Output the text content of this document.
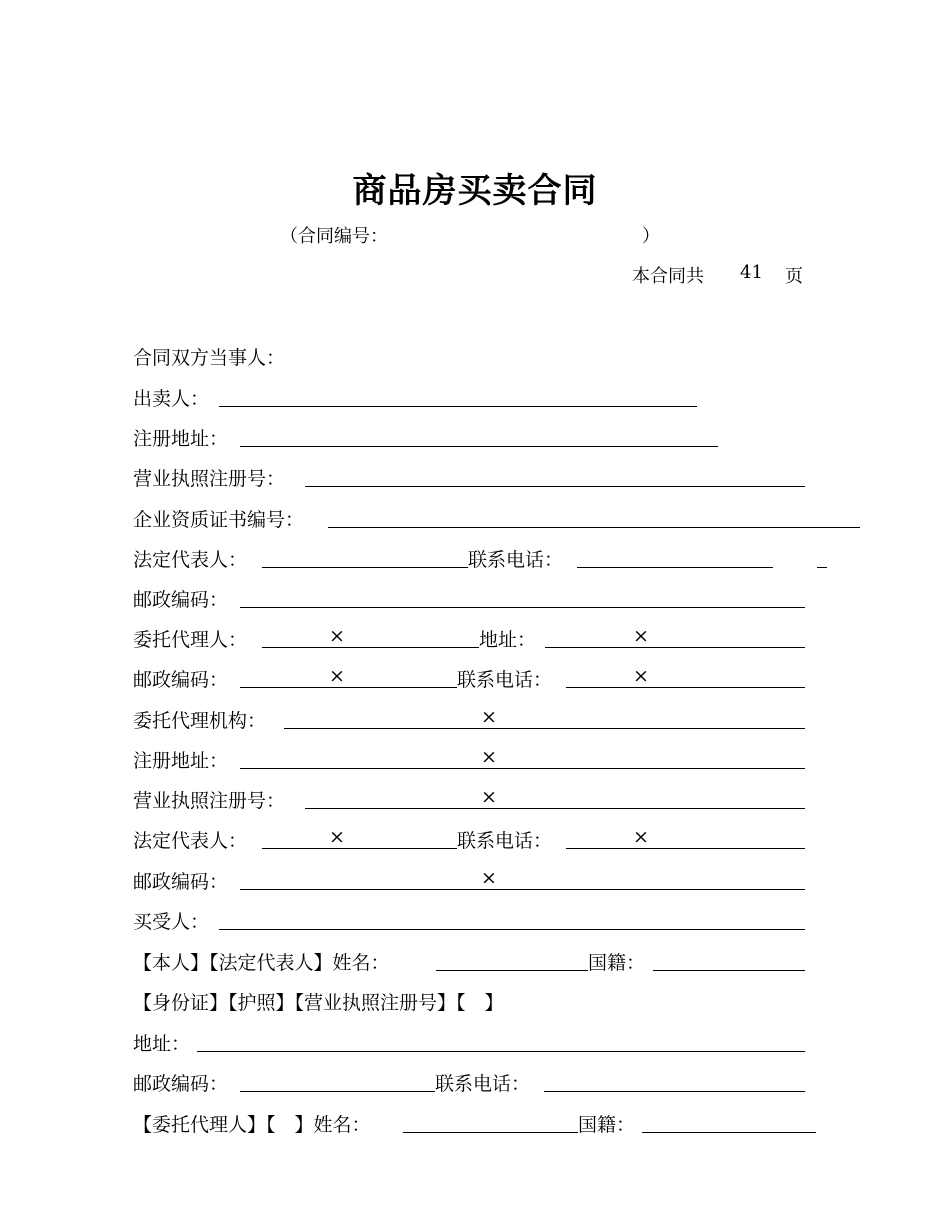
商品房买卖合同
（合同编号：	）
本合同共 41 页
合同双方当事人：
出卖人：
注册地址：
营业执照注册号：
企业资质证书编号：
法定代表人：	联系电话：
邮政编码：
委托代理人：	×	地址：	×
邮政编码：	×	联系电话：	×
委托代理机构：	×
注册地址：	×
营业执照注册号：	×
法定代表人：	×	联系电话：	×
邮政编码：	×
买受人：
【本人】【法定代表人】姓名：	国籍：
【身份证】【护照】【营业执照注册号】【　】
地址：
邮政编码：	联系电话：
【委托代理人】【　】姓名：	国籍：
